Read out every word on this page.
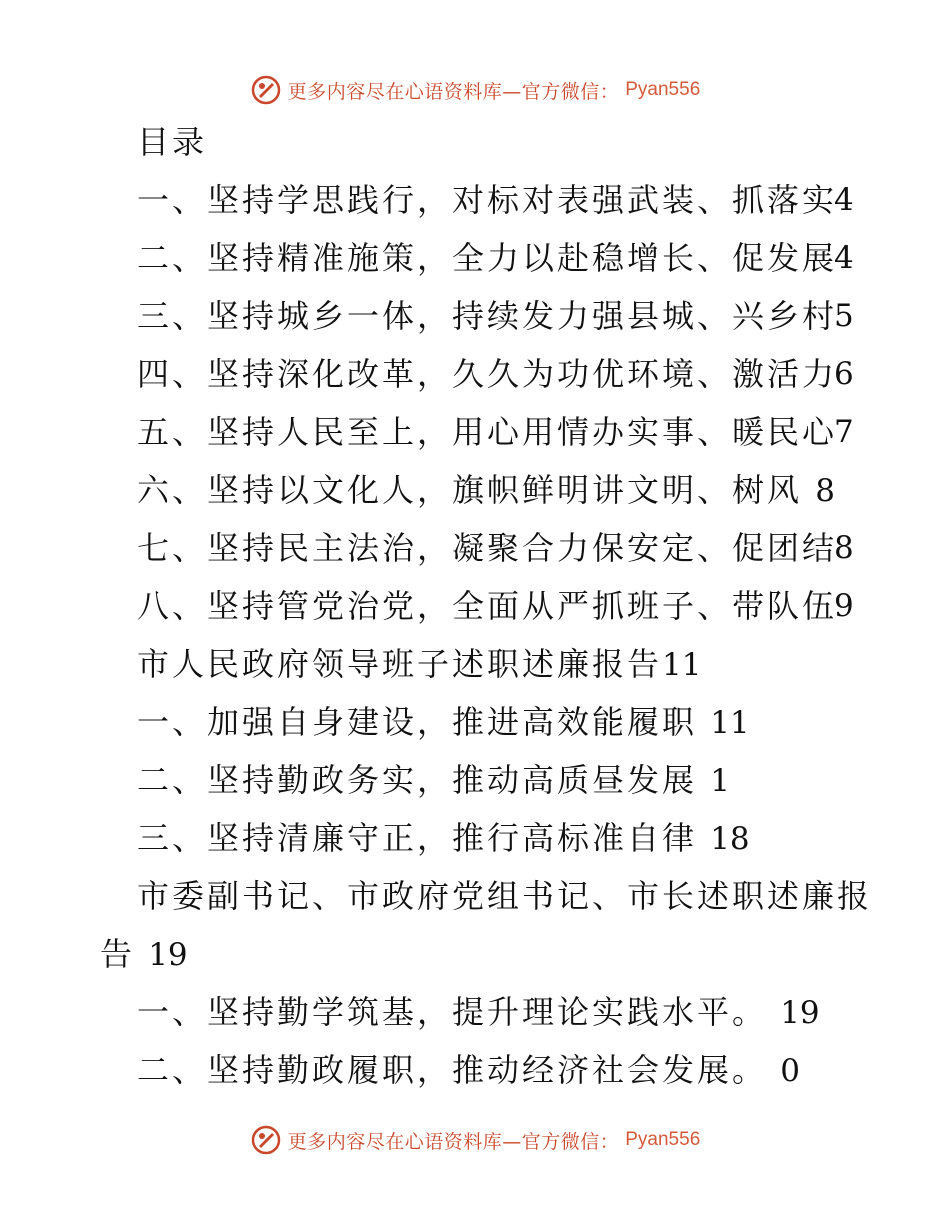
更多内容尽在心语资料库—官方微信： Pyan556
目录
一、坚持学思践行，对标对表强武装、抓落实
4
二、坚持精准施策，全力以赴稳增长、促发展
4
三、坚持城乡一体，持续发力强县城、兴乡村
5
四、坚持深化改革，久久为功优环境、激活力
6
五、坚持人民至上，用心用情办实事、暖民心
7
六、坚持以文化人，旗帜鲜明讲文明、树风 8
七、坚持民主法治，凝聚合力保安定、促团结
8
八、坚持管党治党，全面从严抓班子、带队伍
9
市人民政府领导班子述职述廉报告11
一、加强自身建设，推进高效能履职 11
二、坚持勤政务实，推动高质昼发展 1
三、坚持清廉守正，推行高标准自律 18
市委副书记、市政府党组书记、市长述职述廉报
告 19
一、坚持勤学筑基，提升理论实践水平。 19
二、坚持勤政履职，推动经济社会发展。 0
更多内容尽在心语资料库—官方微信： Pyan556
